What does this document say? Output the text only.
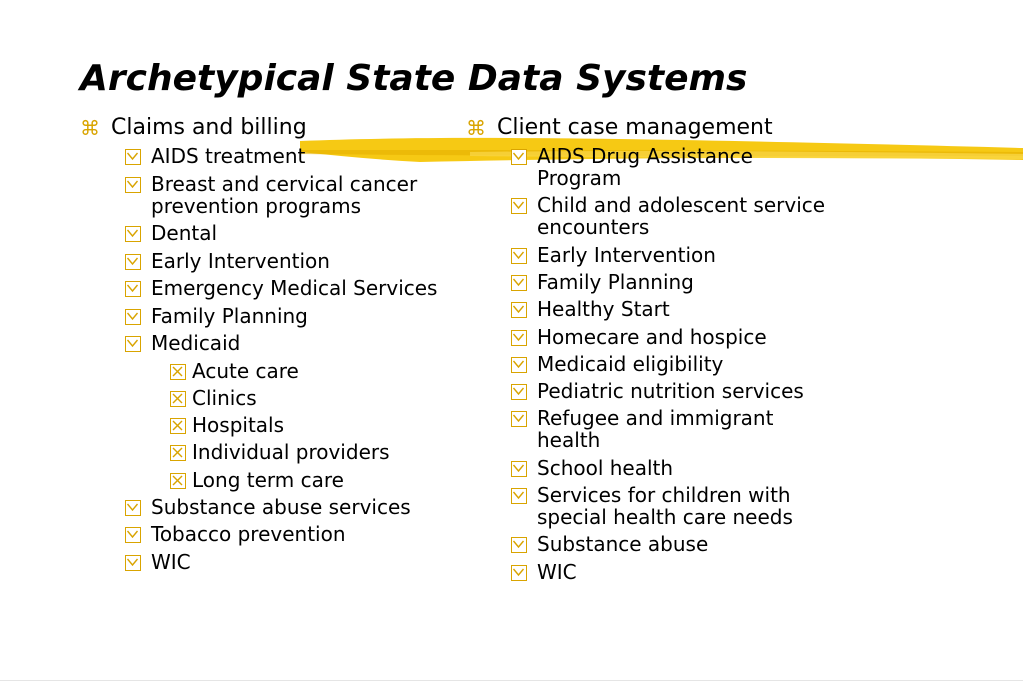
Archetypical State Data Systems
⌘ Claims and billing
AIDS treatment
Breast and cervical cancer
prevention programs
Dental
Early Intervention
Emergency Medical Services
Family Planning
Medicaid
Acute care
Clinics
Hospitals
Individual providers
Long term care
Substance abuse services
Tobacco prevention
WIC
⌘ Client case management
AIDS Drug Assistance
Program
Child and adolescent service
encounters
Early Intervention
Family Planning
Healthy Start
Homecare and hospice
Medicaid eligibility
Pediatric nutrition services
Refugee and immigrant
health
School health
Services for children with
special health care needs
Substance abuse
WIC
